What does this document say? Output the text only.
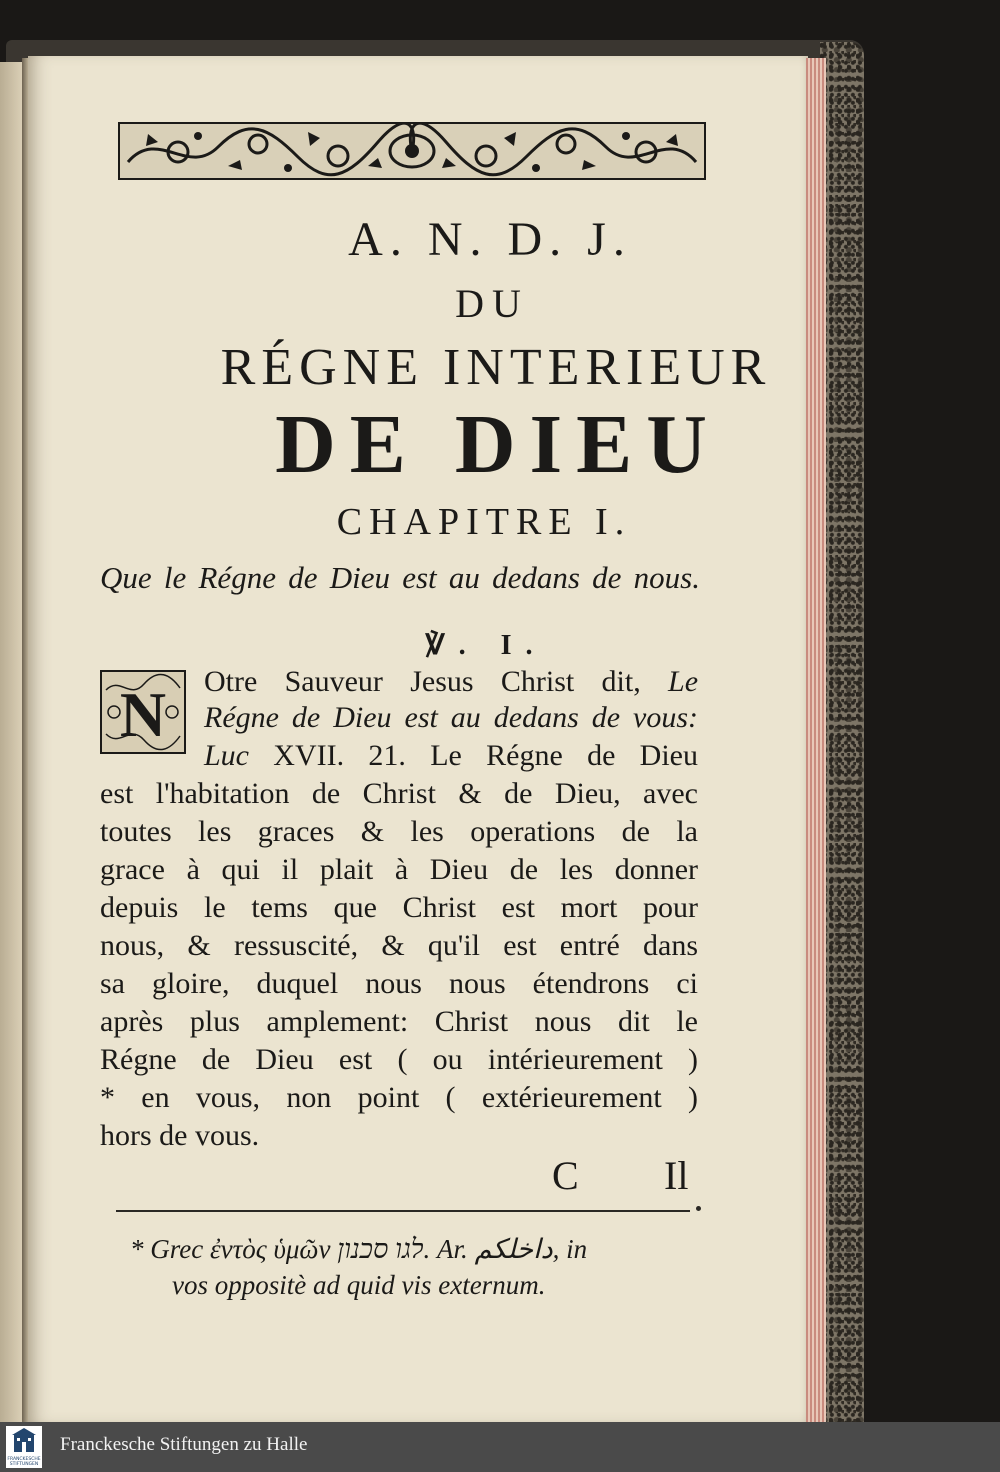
A. N. D. J.
DU
RÉGNE INTERIEUR
DE DIEU
CHAPITRE I.
Que le Régne de Dieu est au dedans de nous.
℣. I.
N Otre Sauveur Jesus Christ dit, Le
Régne de Dieu est au dedans de vous:
Luc XVII. 21. Le Régne de Dieu
est l'habitation de Christ & de Dieu, avec
toutes les graces & les operations de la
grace à qui il plait à Dieu de les donner
depuis le tems que Christ est mort pour
nous, & ressuscité, & qu'il est entré dans
sa gloire, duquel nous nous étendrons ci
après plus amplement: Christ nous dit le
Régne de Dieu est ( ou intérieurement )
* en vous, non point ( extérieurement )
hors de vous.
C Il
* Grec ἐντὸς ὑμῶν לגו סכנון. Ar. داخلكم, in
vos oppositè ad quid vis externum.
FRANCKESCHE STIFTUNGEN
Franckesche Stiftungen zu Halle
